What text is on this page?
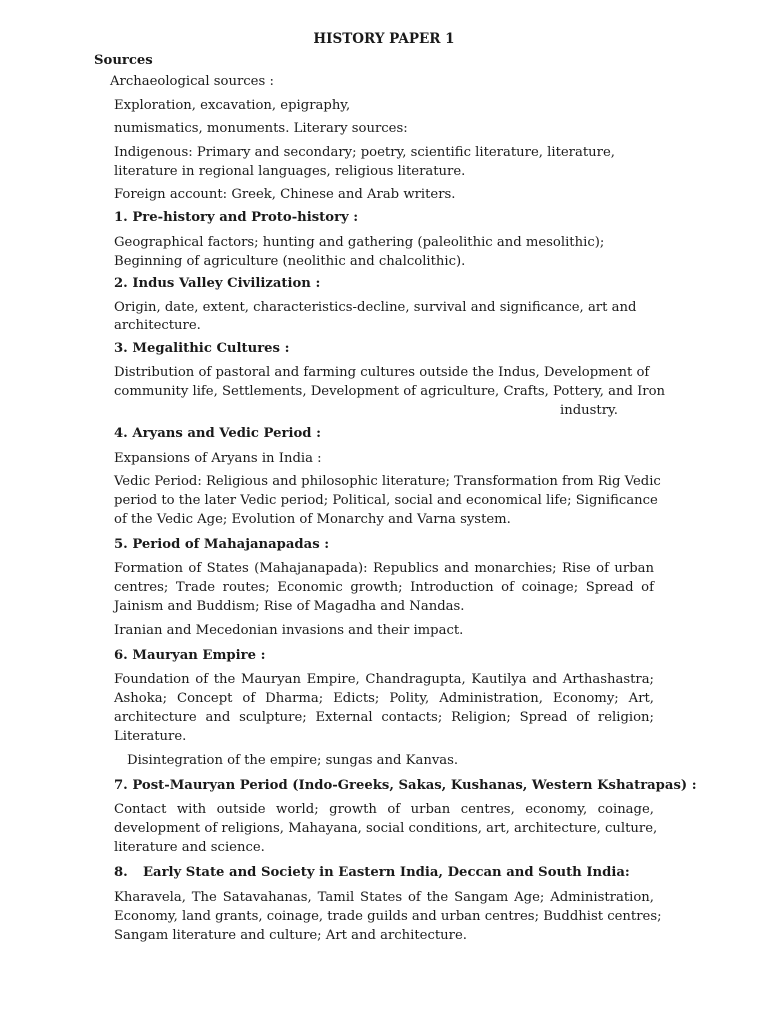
HISTORY PAPER 1
Sources
Archaeological sources :
Exploration, excavation, epigraphy,
numismatics, monuments. Literary sources:
Indigenous: Primary and secondary; poetry, scientific literature, literature,
literature in regional languages, religious literature.
Foreign account: Greek, Chinese and Arab writers.
1. Pre-history and Proto-history :
Geographical factors; hunting and gathering (paleolithic and mesolithic);
Beginning of agriculture (neolithic and chalcolithic).
2. Indus Valley Civilization :
Origin, date, extent, characteristics-decline, survival and significance, art and
architecture.
3. Megalithic Cultures :
Distribution of pastoral and farming cultures outside the Indus, Development of
community life, Settlements, Development of agriculture, Crafts, Pottery, and Iron
industry.
4. Aryans and Vedic Period :
Expansions of Aryans in India :
Vedic Period: Religious and philosophic literature; Transformation from Rig Vedic
period to the later Vedic period; Political, social and economical life; Significance
of the Vedic Age; Evolution of Monarchy and Varna system.
5. Period of Mahajanapadas :
Formation of States (Mahajanapada): Republics and monarchies; Rise of urban
centres; Trade routes; Economic growth; Introduction of coinage; Spread of
Jainism and Buddism; Rise of Magadha and Nandas.
Iranian and Mecedonian invasions and their impact.
6. Mauryan Empire :
Foundation of the Mauryan Empire, Chandragupta, Kautilya and Arthashastra;
Ashoka; Concept of Dharma; Edicts; Polity, Administration, Economy; Art,
architecture and sculpture; External contacts; Religion; Spread of religion;
Literature.
Disintegration of the empire; sungas and Kanvas.
7. Post-Mauryan Period (Indo-Greeks, Sakas, Kushanas, Western Kshatrapas) :
Contact with outside world; growth of urban centres, economy, coinage,
development of religions, Mahayana, social conditions, art, architecture, culture,
literature and science.
8. Early State and Society in Eastern India, Deccan and South India:
Kharavela, The Satavahanas, Tamil States of the Sangam Age; Administration,
Economy, land grants, coinage, trade guilds and urban centres; Buddhist centres;
Sangam literature and culture; Art and architecture.
